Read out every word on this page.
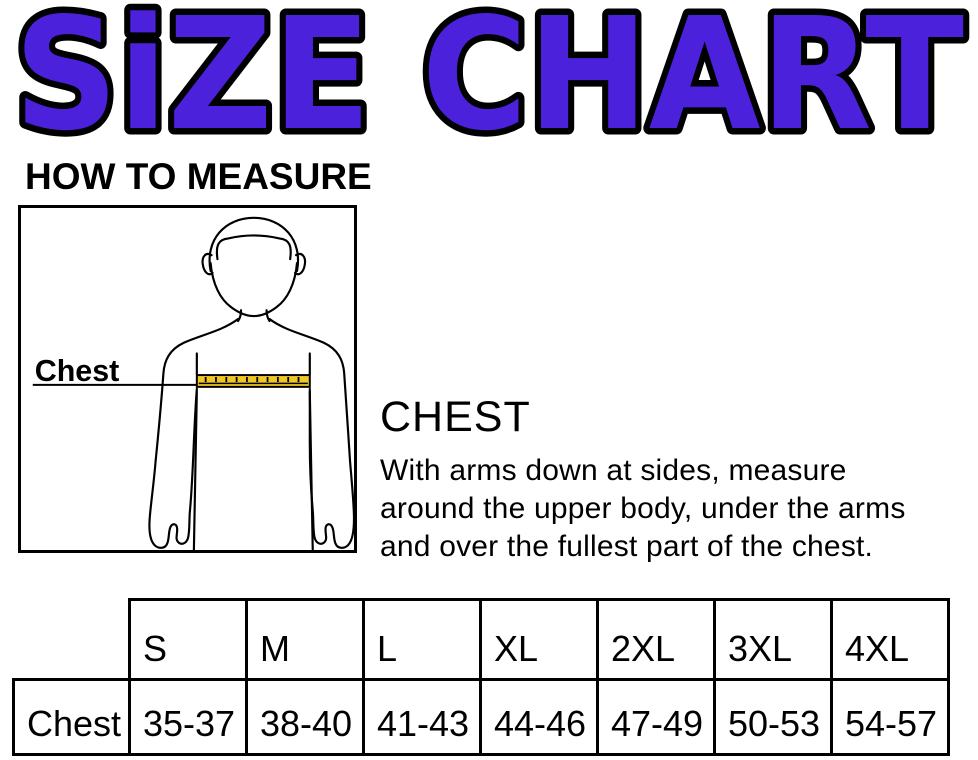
SiZE CHART
HOW TO MEASURE
Chest
CHEST

With arms down at sides, measure
around the upper body, under the arms
and over the fullest part of the chest.

	S	M	L	XL	2XL	3XL	4XL
Chest	35-37	38-40	41-43	44-46	47-49	50-53	54-57
